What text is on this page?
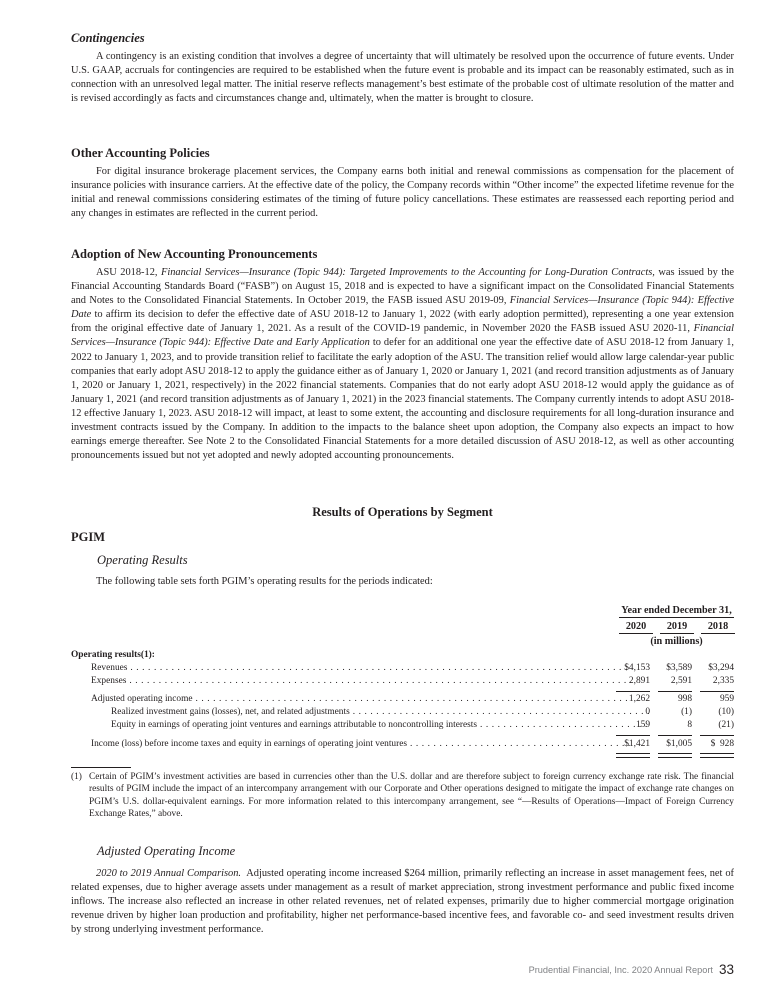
Contingencies

A contingency is an existing condition that involves a degree of uncertainty that will ultimately be resolved upon the occurrence of future events. Under U.S. GAAP, accruals for contingencies are required to be established when the future event is probable and its impact can be reasonably estimated, such as in connection with an unresolved legal matter. The initial reserve reflects management’s best estimate of the probable cost of ultimate resolution of the matter and is revised accordingly as facts and circumstances change and, ultimately, when the matter is brought to closure.

Other Accounting Policies

For digital insurance brokerage placement services, the Company earns both initial and renewal commissions as compensation for the placement of insurance policies with insurance carriers. At the effective date of the policy, the Company records within “Other income” the expected lifetime revenue for the initial and renewal commissions considering estimates of the timing of future policy cancellations. These estimates are reassessed each reporting period and any changes in estimates are reflected in the current period.

Adoption of New Accounting Pronouncements

ASU 2018-12, Financial Services—Insurance (Topic 944): Targeted Improvements to the Accounting for Long-Duration Contracts, was issued by the Financial Accounting Standards Board (“FASB”) on August 15, 2018 and is expected to have a significant impact on the Consolidated Financial Statements and Notes to the Consolidated Financial Statements. In October 2019, the FASB issued ASU 2019-09, Financial Services—Insurance (Topic 944): Effective Date to affirm its decision to defer the effective date of ASU 2018-12 to January 1, 2022 (with early adoption permitted), representing a one year extension from the original effective date of January 1, 2021. As a result of the COVID-19 pandemic, in November 2020 the FASB issued ASU 2020-11, Financial Services—Insurance (Topic 944): Effective Date and Early Application to defer for an additional one year the effective date of ASU 2018-12 from January 1, 2022 to January 1, 2023, and to provide transition relief to facilitate the early adoption of the ASU. The transition relief would allow large calendar-year public companies that early adopt ASU 2018-12 to apply the guidance either as of January 1, 2020 or January 1, 2021 (and record transition adjustments as of January 1, 2020 or January 1, 2021, respectively) in the 2022 financial statements. Companies that do not early adopt ASU 2018-12 would apply the guidance as of January 1, 2021 (and record transition adjustments as of January 1, 2021) in the 2023 financial statements. The Company currently intends to adopt ASU 2018-12 effective January 1, 2023. ASU 2018-12 will impact, at least to some extent, the accounting and disclosure requirements for all long-duration insurance and investment contracts issued by the Company. In addition to the impacts to the balance sheet upon adoption, the Company also expects an impact to how earnings emerge thereafter. See Note 2 to the Consolidated Financial Statements for a more detailed discussion of ASU 2018-12, as well as other accounting pronouncements issued but not yet adopted and newly adopted accounting pronouncements.

Results of Operations by Segment
PGIM
Operating Results

The following table sets forth PGIM’s operating results for the periods indicated:

Year ended December 31,
2020	2019	2018
(in millions)
Operating results(1):
Revenues . . .	$4,153	$3,589	$3,294
Expenses . . .	2,891	2,591	2,335
Adjusted operating income . . .	1,262	998	959
Realized investment gains (losses), net, and related adjustments . . .	0	(1)	(10)
Equity in earnings of operating joint ventures and earnings attributable to noncontrolling interests . . .	159	8	(21)
Income (loss) before income taxes and equity in earnings of operating joint ventures . . .	$1,421	$1,005	$  928
(1) Certain of PGIM’s investment activities are based in currencies other than the U.S. dollar and are therefore subject to foreign currency exchange rate risk. The financial results of PGIM include the impact of an intercompany arrangement with our Corporate and Other operations designed to mitigate the impact of exchange rate changes on PGIM’s U.S. dollar-equivalent earnings. For more information related to this intercompany arrangement, see “—Results of Operations—Impact of Foreign Currency Exchange Rates,” above.
Adjusted Operating Income

2020 to 2019 Annual Comparison.  Adjusted operating income increased $264 million, primarily reflecting an increase in asset management fees, net of related expenses, due to higher average assets under management as a result of market appreciation, strong investment performance and public fixed income inflows. The increase also reflected an increase in other related revenues, net of related expenses, primarily due to higher commercial mortgage origination revenue driven by higher loan production and profitability, higher net performance-based incentive fees, and favorable co- and seed investment results driven by strong underlying investment performance.

Prudential Financial, Inc. 2020 Annual Report 33
